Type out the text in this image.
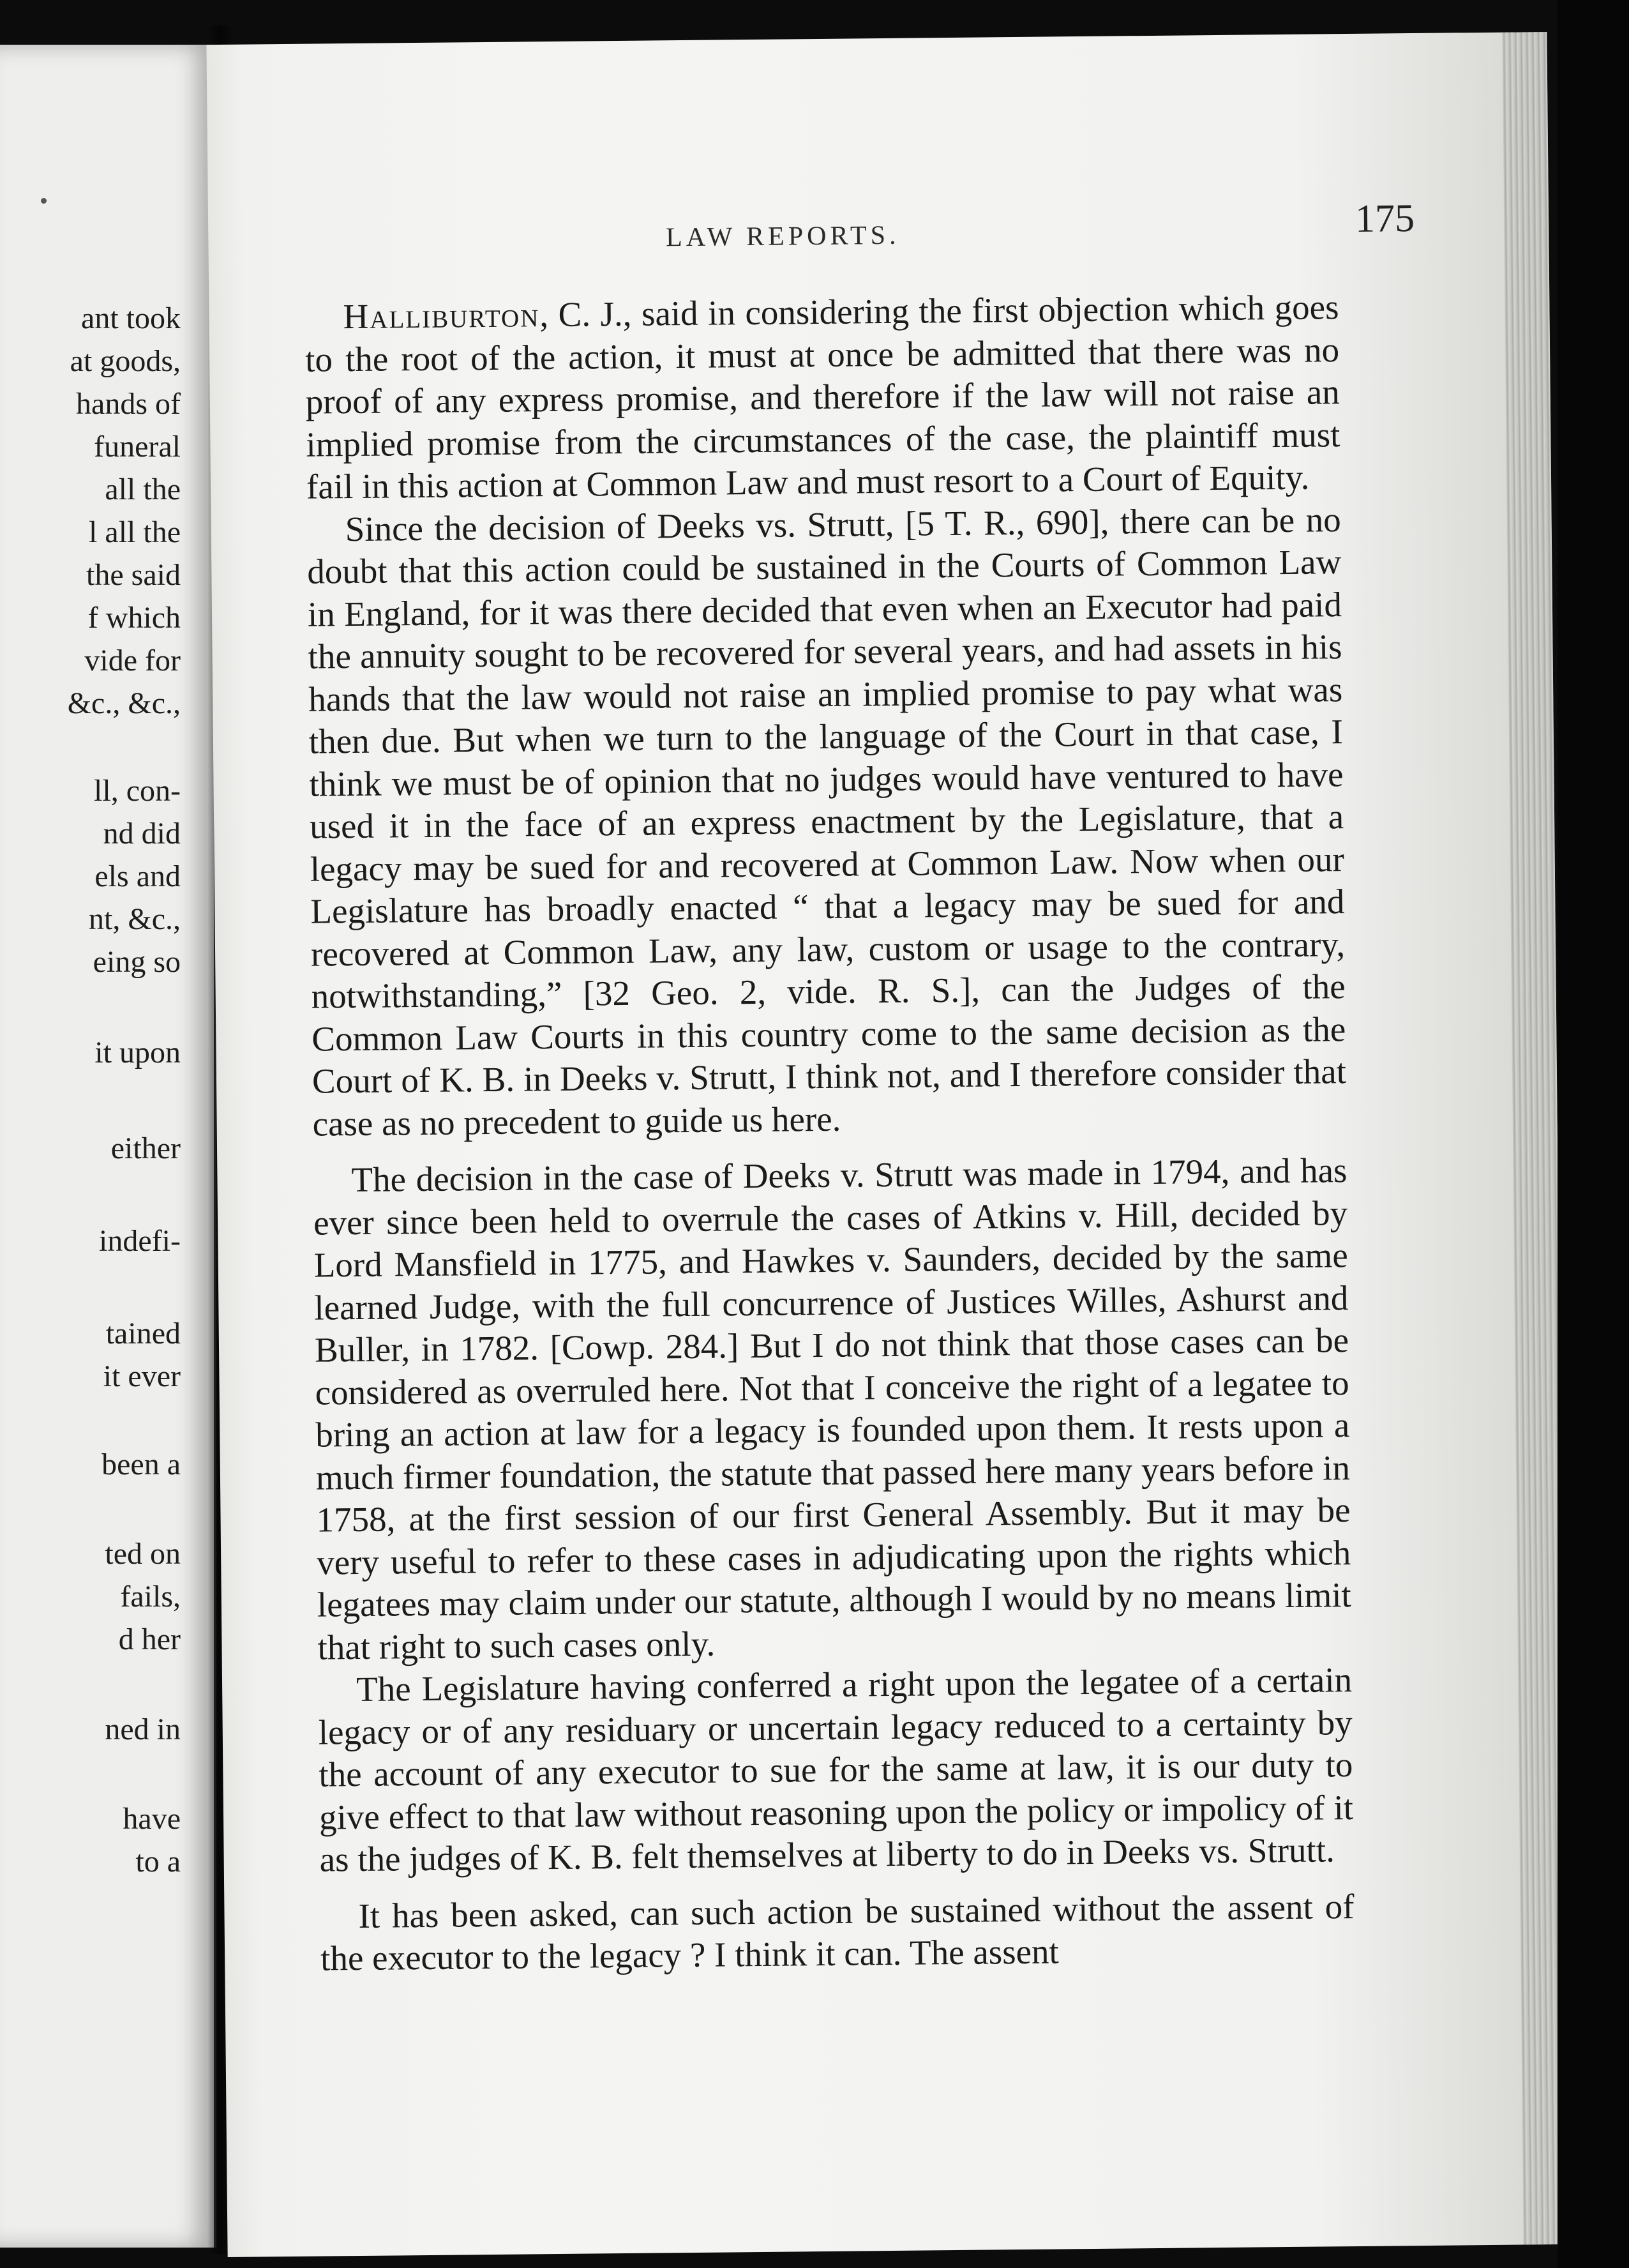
ant took
at goods,
hands of
funeral
all the
l all the
the said
f which
vide for
&c., &c.,
ll, con-
nd did
els and
nt, &c.,
eing so
it upon
either
indefi-
tained
it ever
been a
ted on
fails,
d her
ned in
have
to a
LAW REPORTS.	175

Halliburton, C. J., said in considering the first objection which goes to the root of the action, it must at once be admitted that there was no proof of any express promise, and therefore if the law will not raise an implied promise from the circumstances of the case, the plaintiff must fail in this action at Common Law and must resort to a Court of Equity.

Since the decision of Deeks vs. Strutt, [5 T. R., 690], there can be no doubt that this action could be sustained in the Courts of Common Law in England, for it was there decided that even when an Executor had paid the annuity sought to be recovered for several years, and had assets in his hands that the law would not raise an implied promise to pay what was then due. But when we turn to the language of the Court in that case, I think we must be of opinion that no judges would have ventured to have used it in the face of an express enactment by the Legislature, that a legacy may be sued for and recovered at Common Law. Now when our Legislature has broadly enacted “ that a legacy may be sued for and recovered at Common Law, any law, custom or usage to the contrary, notwithstanding,” [32 Geo. 2, vide. R. S.], can the Judges of the Common Law Courts in this country come to the same decision as the Court of K. B. in Deeks v. Strutt, I think not, and I therefore consider that case as no precedent to guide us here.

The decision in the case of Deeks v. Strutt was made in 1794, and has ever since been held to overrule the cases of Atkins v. Hill, decided by Lord Mansfield in 1775, and Hawkes v. Saunders, decided by the same learned Judge, with the full concurrence of Justices Willes, Ashurst and Buller, in 1782. [Cowp. 284.] But I do not think that those cases can be considered as overruled here. Not that I conceive the right of a legatee to bring an action at law for a legacy is founded upon them. It rests upon a much firmer foundation, the statute that passed here many years before in 1758, at the first session of our first General Assembly. But it may be very useful to refer to these cases in adjudicating upon the rights which legatees may claim under our statute, although I would by no means limit that right to such cases only.

The Legislature having conferred a right upon the legatee of a certain legacy or of any residuary or uncertain legacy reduced to a certainty by the account of any executor to sue for the same at law, it is our duty to give effect to that law without reasoning upon the policy or impolicy of it as the judges of K. B. felt themselves at liberty to do in Deeks vs. Strutt.

It has been asked, can such action be sustained without the assent of the executor to the legacy ? I think it can. The assent
